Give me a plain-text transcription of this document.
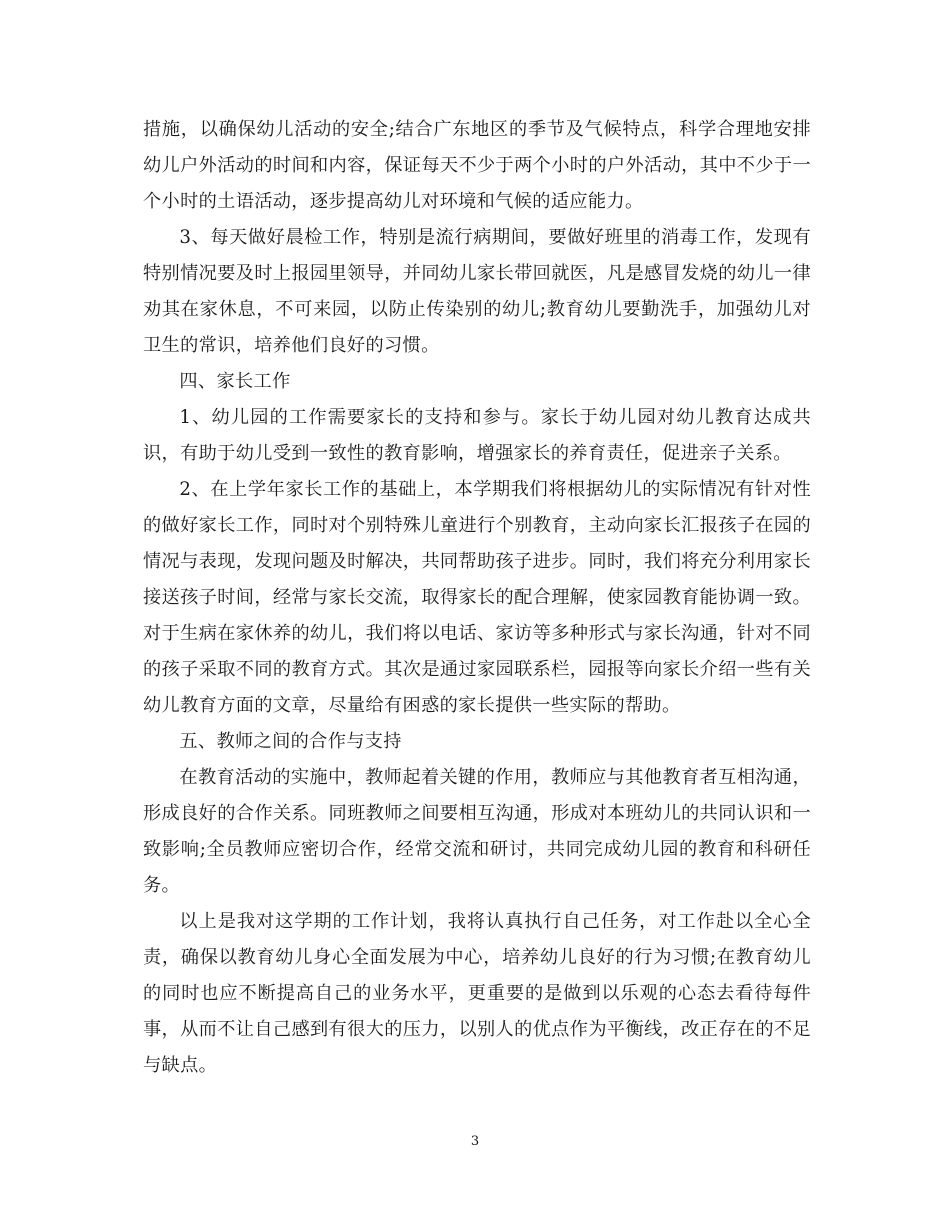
措施，以确保幼儿活动的安全;结合广东地区的季节及气候特点，科学合理地安排幼儿户外活动的时间和内容，保证每天不少于两个小时的户外活动，其中不少于一个小时的土语活动，逐步提高幼儿对环境和气候的适应能力。

3、每天做好晨检工作，特别是流行病期间，要做好班里的消毒工作，发现有特别情况要及时上报园里领导，并同幼儿家长带回就医，凡是感冒发烧的幼儿一律劝其在家休息，不可来园，以防止传染别的幼儿;教育幼儿要勤洗手，加强幼儿对卫生的常识，培养他们良好的习惯。

四、家长工作

1、幼儿园的工作需要家长的支持和参与。家长于幼儿园对幼儿教育达成共识，有助于幼儿受到一致性的教育影响，增强家长的养育责任，促进亲子关系。

2、在上学年家长工作的基础上，本学期我们将根据幼儿的实际情况有针对性的做好家长工作，同时对个别特殊儿童进行个别教育，主动向家长汇报孩子在园的情况与表现，发现问题及时解决，共同帮助孩子进步。同时，我们将充分利用家长接送孩子时间，经常与家长交流，取得家长的配合理解，使家园教育能协调一致。对于生病在家休养的幼儿，我们将以电话、家访等多种形式与家长沟通，针对不同的孩子采取不同的教育方式。其次是通过家园联系栏，园报等向家长介绍一些有关幼儿教育方面的文章，尽量给有困惑的家长提供一些实际的帮助。

五、教师之间的合作与支持

在教育活动的实施中，教师起着关键的作用，教师应与其他教育者互相沟通，形成良好的合作关系。同班教师之间要相互沟通，形成对本班幼儿的共同认识和一致影响;全员教师应密切合作，经常交流和研讨，共同完成幼儿园的教育和科研任务。

以上是我对这学期的工作计划，我将认真执行自己任务，对工作赴以全心全责，确保以教育幼儿身心全面发展为中心，培养幼儿良好的行为习惯;在教育幼儿的同时也应不断提高自己的业务水平，更重要的是做到以乐观的心态去看待每件事，从而不让自己感到有很大的压力，以别人的优点作为平衡线，改正存在的不足与缺点。

3
